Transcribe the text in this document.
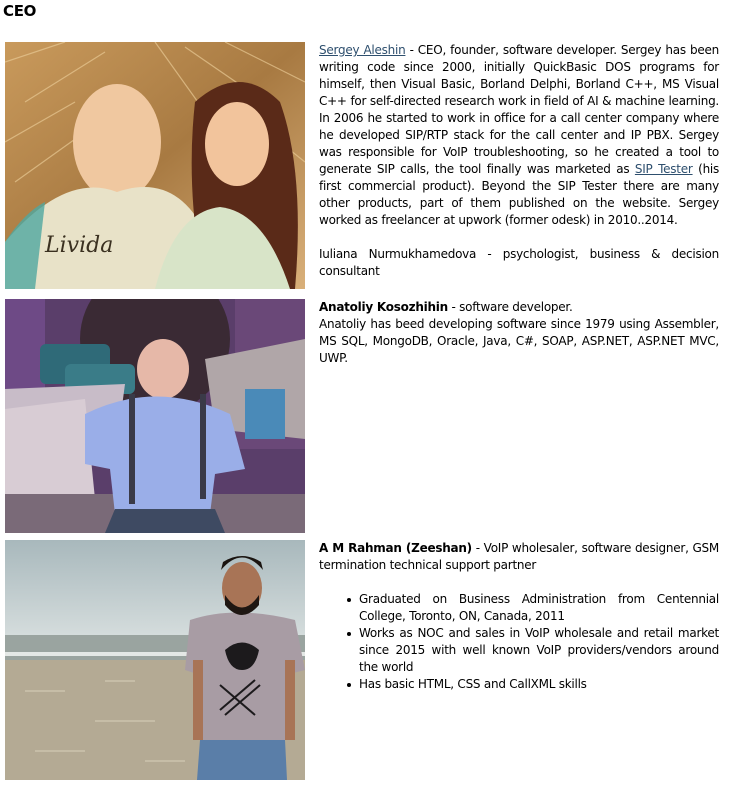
CEO
Livida

Sergey Aleshin - CEO, founder, software developer. Sergey has been writing code since 2000, initially QuickBasic DOS programs for himself, then Visual Basic, Borland Delphi, Borland C++, MS Visual C++ for self-directed research work in field of AI & machine learning. In 2006 he started to work in office for a call center company where he developed SIP/RTP stack for the call center and IP PBX. Sergey was responsible for VoIP troubleshooting, so he created a tool to generate SIP calls, the tool finally was marketed as SIP Tester (his first commercial product). Beyond the SIP Tester there are many other products, part of them published on the website. Sergey worked as freelancer at upwork (former odesk) in 2010..2014.

Iuliana Nurmukhamedova - psychologist, business & decision consultant

Anatoliy Kosozhihin - software developer.

Anatoliy has beed developing software since 1979 using Assembler, MS SQL, MongoDB, Oracle, Java, C#, SOAP, ASP.NET, ASP.NET MVC, UWP.

A M Rahman (Zeeshan) - VoIP wholesaler, software designer, GSM termination technical support partner

Graduated on Business Administration from Centennial College, Toronto, ON, Canada, 2011
Works as NOC and sales in VoIP wholesale and retail market since 2015 with well known VoIP providers/vendors around the world
Has basic HTML, CSS and CallXML skills
